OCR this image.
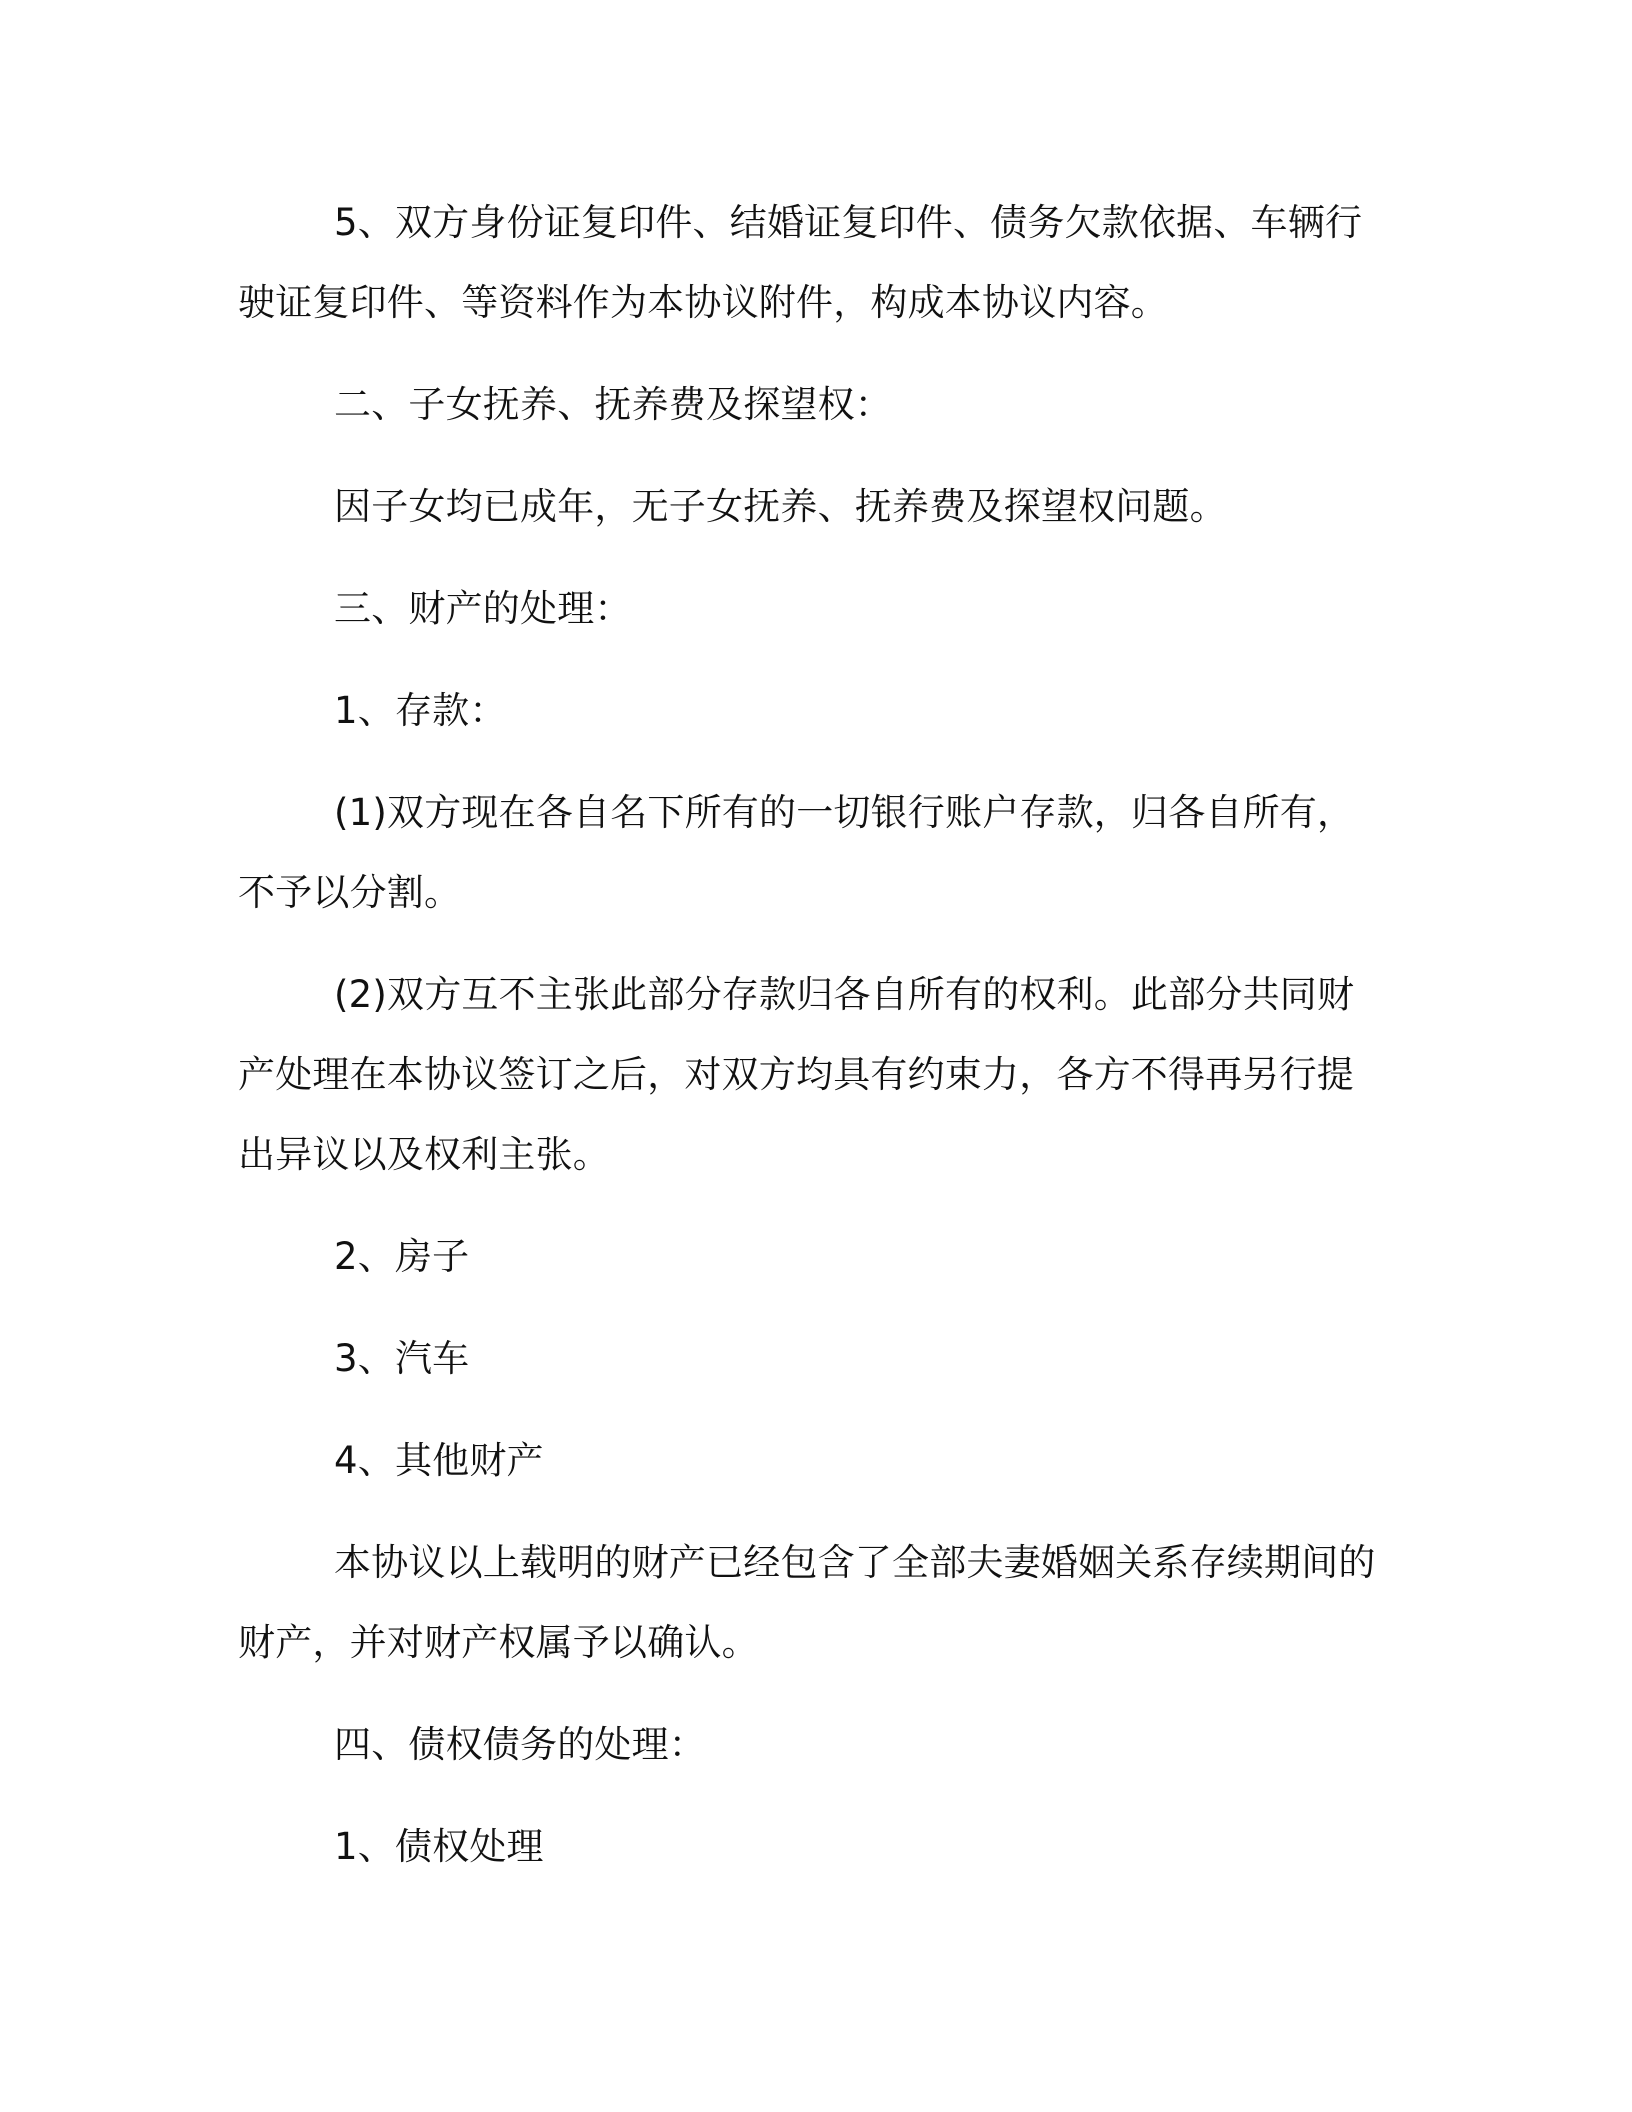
5、双方身份证复印件、结婚证复印件、债务欠款依据、车辆行驶证复印件、等资料作为本协议附件，构成本协议内容。

二、子女抚养、抚养费及探望权：

因子女均已成年，无子女抚养、抚养费及探望权问题。

三、财产的处理：

1、存款：

(1)双方现在各自名下所有的一切银行账户存款，归各自所有，不予以分割。

(2)双方互不主张此部分存款归各自所有的权利。此部分共同财产处理在本协议签订之后，对双方均具有约束力，各方不得再另行提出异议以及权利主张。

2、房子

3、汽车

4、其他财产

本协议以上载明的财产已经包含了全部夫妻婚姻关系存续期间的财产，并对财产权属予以确认。

四、债权债务的处理：

1、债权处理
